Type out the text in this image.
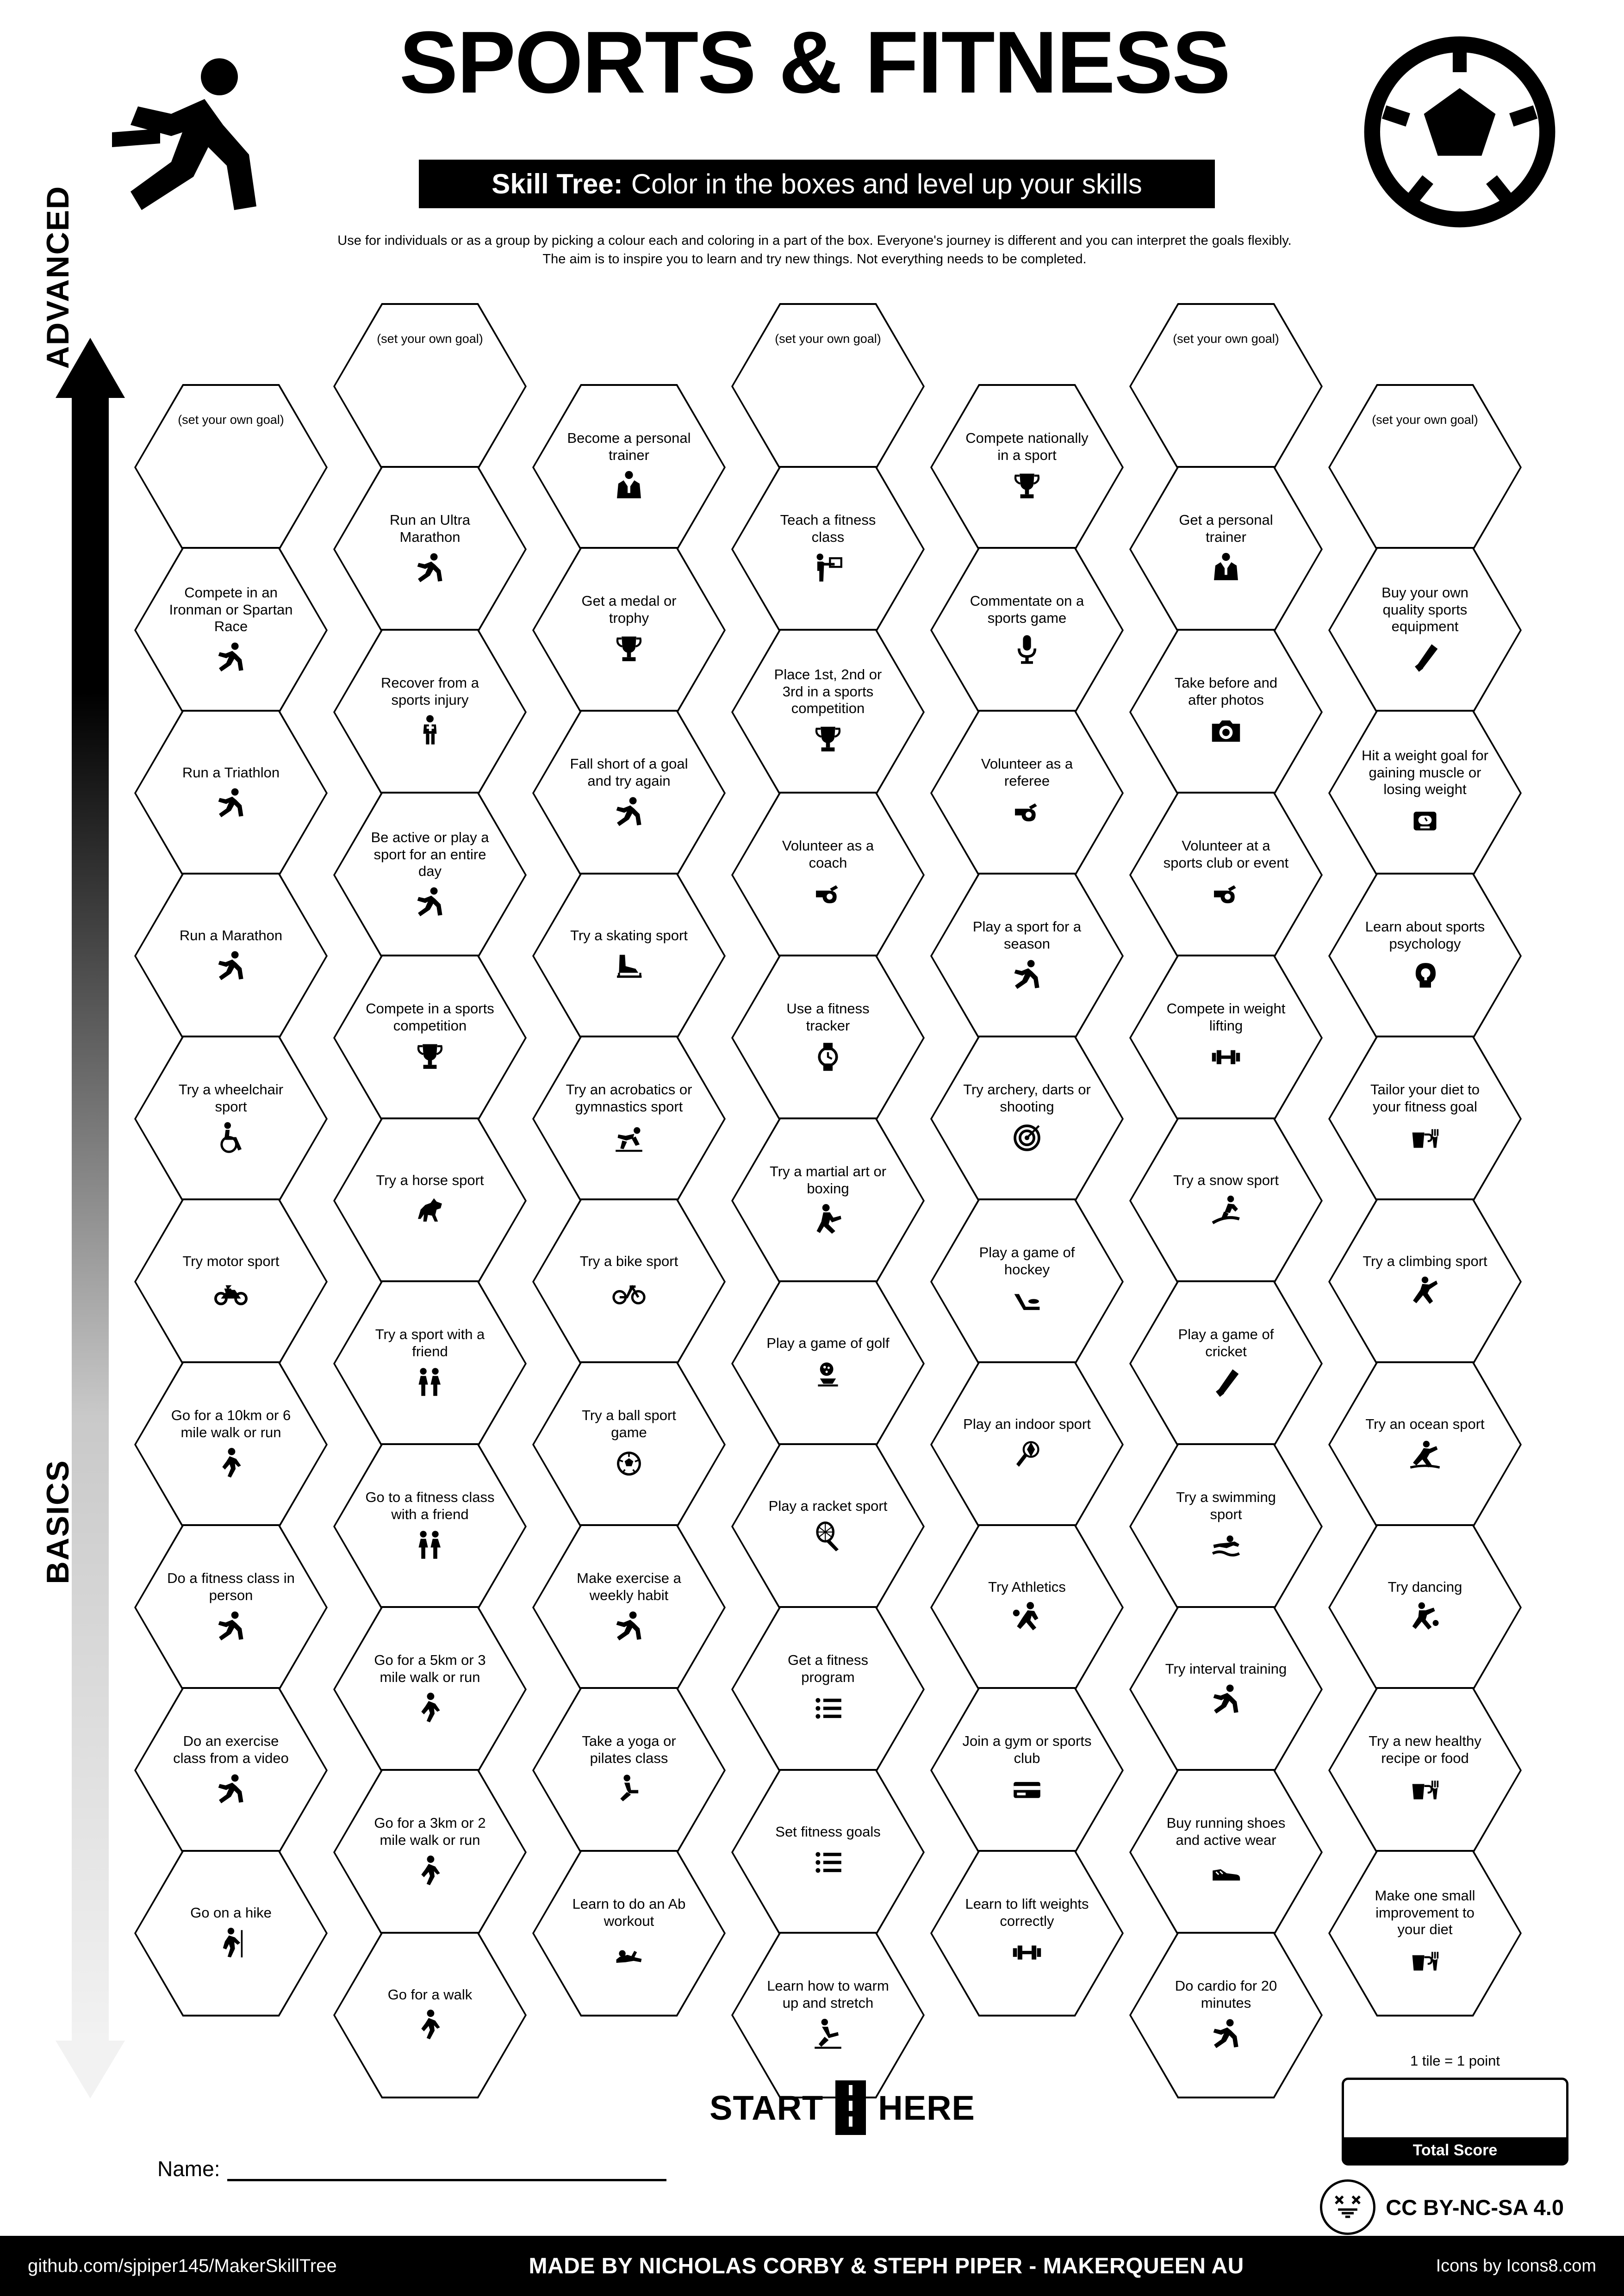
SPORTS & FITNESS
Skill Tree: Color in the boxes and level up your skills
Use for individuals or as a group by picking a colour each and coloring in a part of the box. Everyone's journey is different and you can interpret the goals flexibly. The aim is to inspire you to learn and try new things. Not everything needs to be completed.
ADVANCED
BASICS
(set your own goal)
Compete in an Ironman or Spartan Race
Run a Triathlon
Run a Marathon
Try a wheelchair sport
Try motor sport
Go for a 10km or 6 mile walk or run
Do a fitness class in person
Do an exercise class from a video
Go on a hike
(set your own goal)
Run an Ultra Marathon
Recover from a sports injury
Be active or play a sport for an entire day
Compete in a sports competition
Try a horse sport
Try a sport with a friend
Go to a fitness class with a friend
Go for a 5km or 3 mile walk or run
Go for a 3km or 2 mile walk or run
Go for a walk
Become a personal trainer
Get a medal or trophy
Fall short of a goal and try again
Try a skating sport
Try an acrobatics or gymnastics sport
Try a bike sport
Try a ball sport game
Make exercise a weekly habit
Take a yoga or pilates class
Learn to do an Ab workout
(set your own goal)
Teach a fitness class
Place 1st, 2nd or 3rd in a sports competition
Volunteer as a coach
Use a fitness tracker
Try a martial art or boxing
Play a game of golf
Play a racket sport
Get a fitness program
Set fitness goals
Learn how to warm up and stretch
Compete nationally in a sport
Commentate on a sports game
Volunteer as a referee
Play a sport for a season
Try archery, darts or shooting
Play a game of hockey
Play an indoor sport
Try Athletics
Join a gym or sports club
Learn to lift weights correctly
(set your own goal)
Get a personal trainer
Take before and after photos
Volunteer at a sports club or event
Compete in weight lifting
Try a snow sport
Play a game of cricket
Try a swimming sport
Try interval training
Buy running shoes and active wear
Do cardio for 20 minutes
(set your own goal)
Buy your own quality sports equipment
Hit a weight goal for gaining muscle or losing weight
Learn about sports psychology
Tailor your diet to your fitness goal
Try a climbing sport
Try an ocean sport
Try dancing
Try a new healthy recipe or food
Make one small improvement to your diet
START HERE
1 tile = 1 point
Total Score
Name:
CC BY-NC-SA 4.0
github.com/sjpiper145/MakerSkillTree	MADE BY NICHOLAS CORBY & STEPH PIPER - MAKERQUEEN AU	Icons by Icons8.com
